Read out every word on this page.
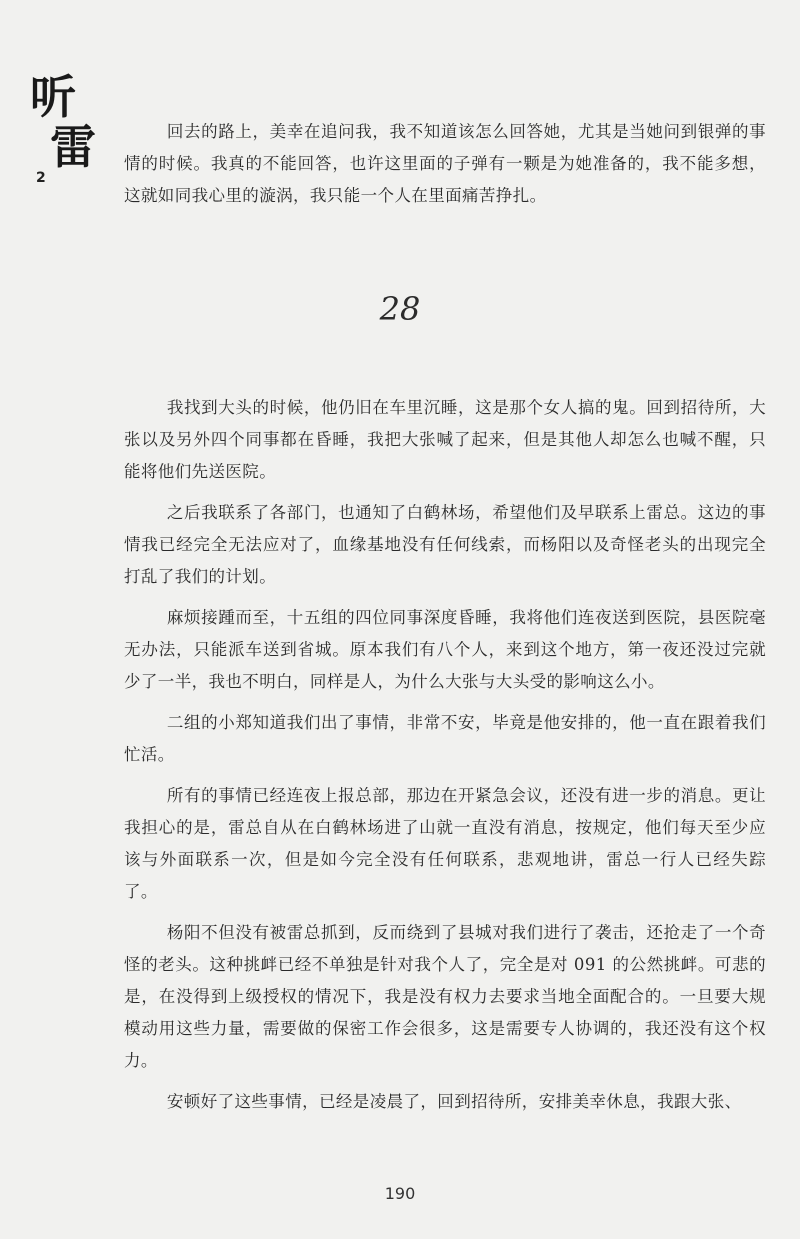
听
雷
2

回去的路上，美幸在追问我，我不知道该怎么回答她，尤其是当她问到银弹的事情的时候。我真的不能回答，也许这里面的子弹有一颗是为她准备的，我不能多想，这就如同我心里的漩涡，我只能一个人在里面痛苦挣扎。

28

我找到大头的时候，他仍旧在车里沉睡，这是那个女人搞的鬼。回到招待所，大张以及另外四个同事都在昏睡，我把大张喊了起来，但是其他人却怎么也喊不醒，只能将他们先送医院。

之后我联系了各部门，也通知了白鹤林场，希望他们及早联系上雷总。这边的事情我已经完全无法应对了，血缘基地没有任何线索，而杨阳以及奇怪老头的出现完全打乱了我们的计划。

麻烦接踵而至，十五组的四位同事深度昏睡，我将他们连夜送到医院，县医院毫无办法，只能派车送到省城。原本我们有八个人，来到这个地方，第一夜还没过完就少了一半，我也不明白，同样是人，为什么大张与大头受的影响这么小。

二组的小郑知道我们出了事情，非常不安，毕竟是他安排的，他一直在跟着我们忙活。

所有的事情已经连夜上报总部，那边在开紧急会议，还没有进一步的消息。更让我担心的是，雷总自从在白鹤林场进了山就一直没有消息，按规定，他们每天至少应该与外面联系一次，但是如今完全没有任何联系，悲观地讲，雷总一行人已经失踪了。

杨阳不但没有被雷总抓到，反而绕到了县城对我们进行了袭击，还抢走了一个奇怪的老头。这种挑衅已经不单独是针对我个人了，完全是对 091 的公然挑衅。可悲的是，在没得到上级授权的情况下，我是没有权力去要求当地全面配合的。一旦要大规模动用这些力量，需要做的保密工作会很多，这是需要专人协调的，我还没有这个权力。

安顿好了这些事情，已经是凌晨了，回到招待所，安排美幸休息，我跟大张、

190
